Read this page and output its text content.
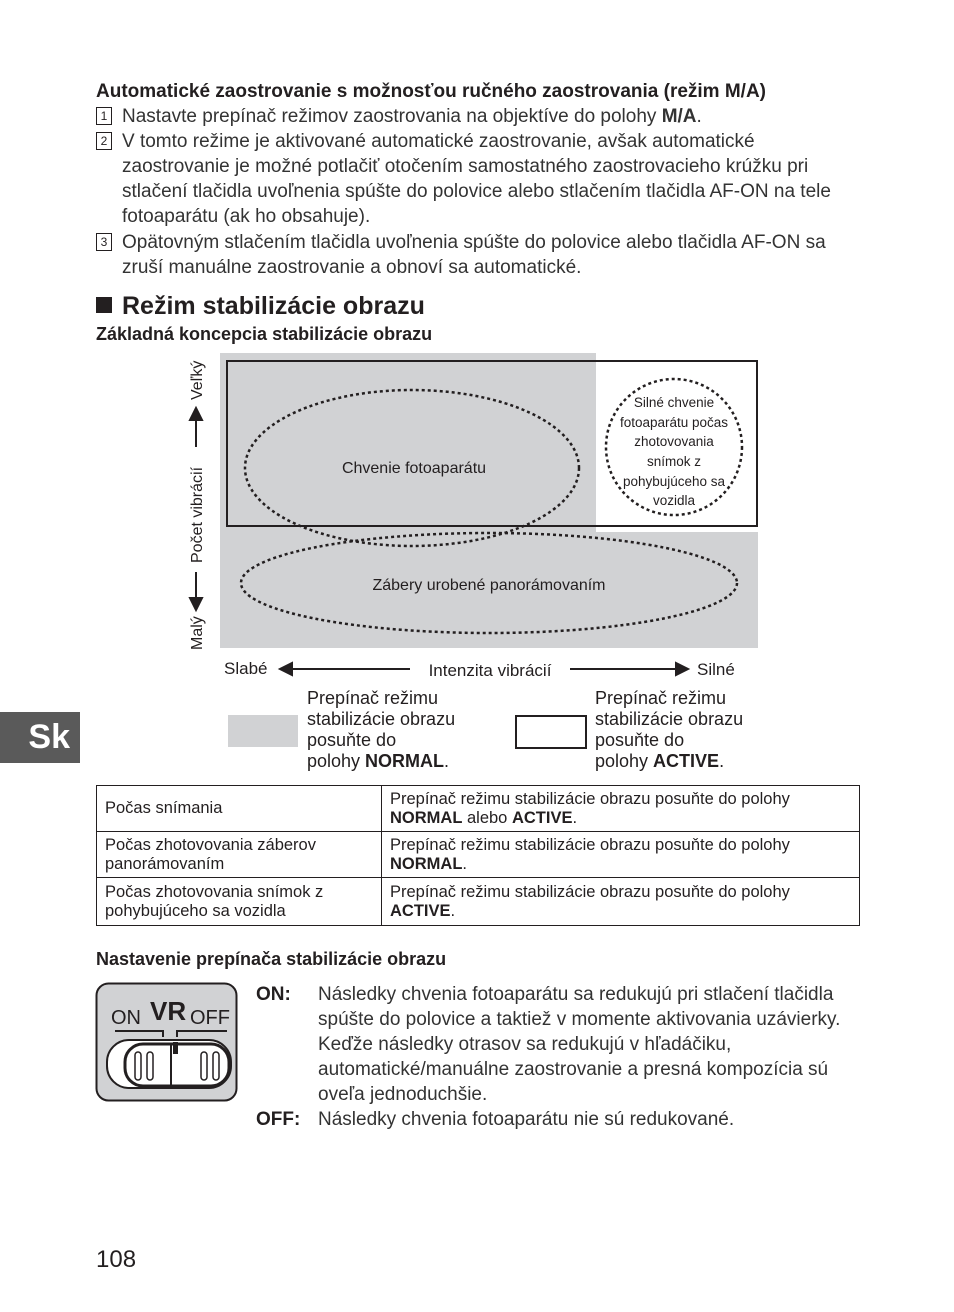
Automatické zaostrovanie s možnosťou ručného zaostrovania (režim M/A)
1 Nastavte prepínač režimov zaostrovania na objektíve do polohy M/A.
2 V tomto režime je aktivované automatické zaostrovanie, avšak automatické zaostrovanie je možné potlačiť otočením samostatného zaostrovacieho krúžku pri stlačení tlačidla uvoľnenia spúšte do polovice alebo stlačením tlačidla AF-ON na tele fotoaparátu (ak ho obsahuje).
3 Opätovným stlačením tlačidla uvoľnenia spúšte do polovice alebo tlačidla AF-ON sa zruší manuálne zaostrovanie a obnoví sa automatické.
Režim stabilizácie obrazu
Základná koncepcia stabilizácie obrazu
Chvenie fotoaparátu
Zábery urobené panorámovaním
Silné chvenie
fotoaparátu počas
zhotovovania
snímok z
pohybujúceho sa
vozidla
Veľký
Počet vibrácií
Malý
Slabé	Intenzita vibrácií	Silné
Prepínač režimu
stabilizácie obrazu
posuňte do
polohy NORMAL.
Prepínač režimu
stabilizácie obrazu
posuňte do
polohy ACTIVE.
Sk
Počas snímania	Prepínač režimu stabilizácie obrazu posuňte do polohy NORMAL alebo ACTIVE.
Počas zhotovovania záberov panorámovaním	Prepínač režimu stabilizácie obrazu posuňte do polohy NORMAL.
Počas zhotovovania snímok z pohybujúceho sa vozidla	Prepínač režimu stabilizácie obrazu posuňte do polohy ACTIVE.
Nastavenie prepínača stabilizácie obrazu
ON VR OFF
ON: Následky chvenia fotoaparátu sa redukujú pri stlačení tlačidla spúšte do polovice a taktiež v momente aktivovania uzávierky. Keďže následky otrasov sa redukujú v hľadáčiku, automatické/manuálne zaostrovanie a presná kompozícia sú oveľa jednoduchšie.
OFF: Následky chvenia fotoaparátu nie sú redukované.
108
